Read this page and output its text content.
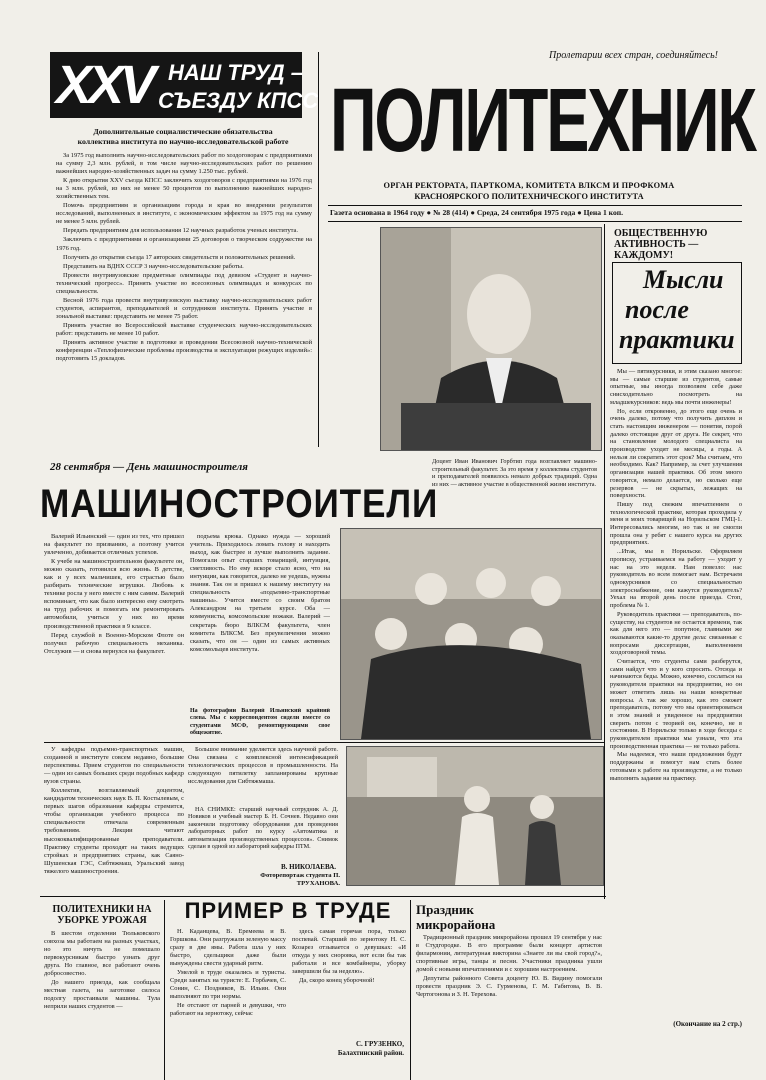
Пролетарии всех стран, соединяйтесь!
ПОЛИТЕХНИК
ОРГАН РЕКТОРАТА, ПАРТКОМА, КОМИТЕТА ВЛКСМ И ПРОФКОМА
КРАСНОЯРСКОГО ПОЛИТЕХНИЧЕСКОГО ИНСТИТУТА
Газета основана в 1964 году ● № 28 (414) ● Среда, 24 сентября 1975 года ● Цена 1 коп.
XXV НАШ ТРУД –
СЪЕЗДУ КПСС
Дополнительные социалистические обязательства коллектива института по научно-исследовательской работе

За 1975 год выполнить научно-исследовательских работ по хоздоговорам с предприятиями на сумму 2,3 млн. рублей, в том числе научно-исследовательских работ по решению важнейших народно-хозяйственных задач на сумму 1.250 тыс. рублей.

К дню открытия XXV съезда КПСС заключить хоздоговоров с предприятиями на 1976 год на 3 млн. рублей, из них не менее 50 процентов по выполнению важнейших народно-хозяйственных тем.

Помочь предприятиям и организациям города и края во внедрении результатов исследований, выполненных в институте, с экономическим эффектом за 1975 год на сумму не менее 5 млн. рублей.

Передать предприятиям для использования 12 научных разработок ученых института.

Заключить с предприятиями и организациями 25 договоров о творческом содружестве на 1976 год.

Получить до открытия съезда 17 авторских свидетельств и положительных решений.

Представить на ВДНХ СССР 3 научно-исследовательские работы.

Провести внутривузовские предметные олимпиады под девизом «Студент и научно-технический прогресс». Принять участие во всесоюзных олимпиадах и конкурсах по специальности.

Весной 1976 года провести внутривузовскую выставку научно-исследовательских работ студентов, аспирантов, преподавателей и сотрудников института. Принять участие в зональной выставке: представить не менее 75 работ.

Принять участие во Всероссийской выставке студенческих научно-исследовательских работ: представить не менее 10 работ.

Принять активное участие в подготовке и проведении Всесоюзной научно-технической конференции «Теплофизические проблемы производства и эксплуатации режущих изделий»: подготовить 15 докладов.

Доцент Иван Иванович Горбтип года возглавляет машиностроительный факультет. За это время у коллектива студентов и преподавателей появилось немало добрых традиций. Одна из них — активное участие в общественной жизни института.
28 сентября — День машиностроителя
МАШИНОСТРОИТЕЛИ

Валерий Ильинский — один из тех, что пришел на факультет по призванию, а поэтому учится увлеченно, добивается отличных успехов.

К учебе на машиностроительном факультете он, можно сказать, готовился всю жизнь. В детстве, как и у всех мальчишек, его страстью было разбирать технические игрушки. Любовь к технике росла у него вместе с ним самим. Валерий вспоминает, что как было интересно ему смотреть на труд рабочих и помогать им ремонтировать автомобили, учиться у них во время производственной практики в 9 классе.

Перед службой в Военно-Морском Флоте он получил рабочую специальность механика. Отслужив — и снова вернулся на факультет.

подъема крюка. Однако нужда — хороший учитель. Приходилось ломать голову и находить выход, как быстрее и лучше выполнить задание. Помогали опыт старших товарищей, интуиция, сметливость. Но ему вскоре стало ясно, что на интуиции, как говорится, далеко не уедешь, нужны знания. Так он и пришел к нашему институту на специальность «подъемно-транспортные машины». Учится вместе со своим братом Александром на третьем курсе. Оба — коммунисты, комсомольские вожаки. Валерий — секретарь бюро ВЛКСМ факультета, член комитета ВЛКСМ. Без преувеличения можно сказать, что он — один из самых активных комсомольцев института.

На фотографии Валерий Ильинский крайний слева. Мы с корреспондентом сидели вместе со студентами МСФ, ремонтирующими свое общежитие.

У кафедры подъемно-транспортных машин, созданной в институте совсем недавно, большие перспективы. Прием студентов по специальности — один из самых больших среди подобных кафедр вузов страны.

Коллектив, возглавляемый доцентом, кандидатом технических наук В. П. Костылевым, с первых шагов образования кафедры стремится, чтобы организация учебного процесса по специальности отвечала современным требованиям. Лекции читают высококвалифицированные преподаватели. Практику студенты проходят на таких ведущих стройках и предприятиях страны, как Саяно-Шушенская ГЭС, Сибтяжмаш, Уральский завод тяжелого машиностроения.

Большое внимание уделяется здесь научной работе. Она связана с комплексной интенсификацией технологических процессов в промышленности. На следующую пятилетку запланированы крупные исследования для Сибтяжмаша.

НА СНИМКЕ: старший научный сотрудник А. Д. Новиков и учебный мастер Б. Н. Сочнев. Недавно они закончили подготовку оборудования для проведения лабораторных работ по курсу «Автоматика и автоматизация производственных процессов». Снимок сделан в одной из лабораторий кафедры ПТМ.
В. НИКОЛАЕВА.
Фоторепортаж студента П. ТРУХАНОВА.
ОБЩЕСТВЕННУЮ АКТИВНОСТЬ — КАЖДОМУ!
Мысли
после
практики

Мы — пятикурсники, и этим сказано многое: мы — самые старшие из студентов, самые опытные, мы иногда позволяем себе даже снисходительно посмотреть на младшекурсников: ведь мы почти инженеры!

Но, если откровенно, до этого еще очень и очень далеко, потому что получить диплом и стать настоящим инженером — понятия, порой далеко отстоящие друг от друга. Не секрет, что на становление молодого специалиста на производстве уходят не месяцы, а годы. А нельзя ли сократить этот срок? Мы считаем, что необходимо. Как? Например, за счет улучшения организации нашей практики. Об этом много говорится, немало делается, но сколько еще резервов — не скрытых, лежащих на поверхности.

Пишу под свежим впечатлением о технологической практике, которая проходила у меня и моих товарищей на Норильском ГМЦ-1. Интересовались многим, но так и не смогли прошла она у ребят с нашего курса на других предприятиях.

...Итак, мы в Норильске. Оформляем прописку, устраиваемся на работу — уходит у нас на это неделя. Нам повезло: нас руководитель во всем помогает нам. Встречаем однокурсников со специальностью электроснабжение, они кажутся руководитель? Уехал на второй день после приезда. Стоп, проблема № 1.

Руководитель практики — преподаватель, по-существу, на студентов не остается времени, так как для него это — попутное, главными же оказываются какие-то другие дела: связанные с вопросами диссертации, выполнением хоздоговорной темы.

Считается, что студенты сами разберутся, сами найдут что и у кого спросить. Отсюда и начинаются беды. Можно, конечно, сослаться на руководителя практики на предприятии, но он может ответить лишь на наши конкретные вопросы. А так же хорошо, как это сможет преподаватель, потому что мы ориентироваться в этом знаний и увиденное на предприятии сверить потом с теорией он, конечно, не в состоянии. В Норильске только в ходе беседы с руководителем практики мы узнали, что эта производственная практика — не только работа.

Мы надеемся, что наши предложения будут поддержаны и помогут нам стать более готовыми к работе на производстве, а не только выполнить задание на практику.

(Окончание на 2 стр.)
ПОЛИТЕХНИКИ НА УБОРКЕ УРОЖАЯ

В шестом отделении Тюльковского совхоза мы работаем на разных участках, но это ничуть не помешало первокурсникам быстро узнать друг друга. Но главное, все работают очень добросовестно.

До нашего приезда, как сообщала местная газета, на заготовке силоса подолгу простаивали машины. Тула неприли наших студентов —

ПРИМЕР В ТРУДЕ

Н. Каданцева, В. Еремеева и В. Горшкова. Они разгружали зеленую массу сразу в две ямы. Работа шла у них быстро, сдельщики даже были вынуждены свести ударный ритм.

Умелой в труде оказались и туристы. Среди занятых на туристе: Е. Горбачев, С. Сонин, С. Поздняков, В. Ильин. Они выполняют по три нормы.

Не отстают от парней и девушки, что работают на зернотоку, сейчас

здесь самая горячая пора, только поспевай. Старший по зернотоку Н. С. Козарез отзывается о девушках: «И откуда у них сноровка, вот если бы так работали и все комбайнеры, уборку завершили бы за неделю».

Да, скоро конец уборочной!

С. ГРУЗЕНКО,
Балахтинский район.
Праздник микрорайона

Традиционный праздник микрорайона прошел 19 сентября у нас в Студгородке. В его программе были концерт артистов филармонии, литературная викторина «Знаете ли вы свой город?», спортивные игры, танцы и песни. Участники праздника ушли домой с новыми впечатлениями и с хорошим настроением.

Депутаты районного Совета доценту Ю. В. Видину помогали провести праздник Э. С. Гурменова, Г. М. Габитова, В. В. Чертогонова и З. Н. Терехова.
